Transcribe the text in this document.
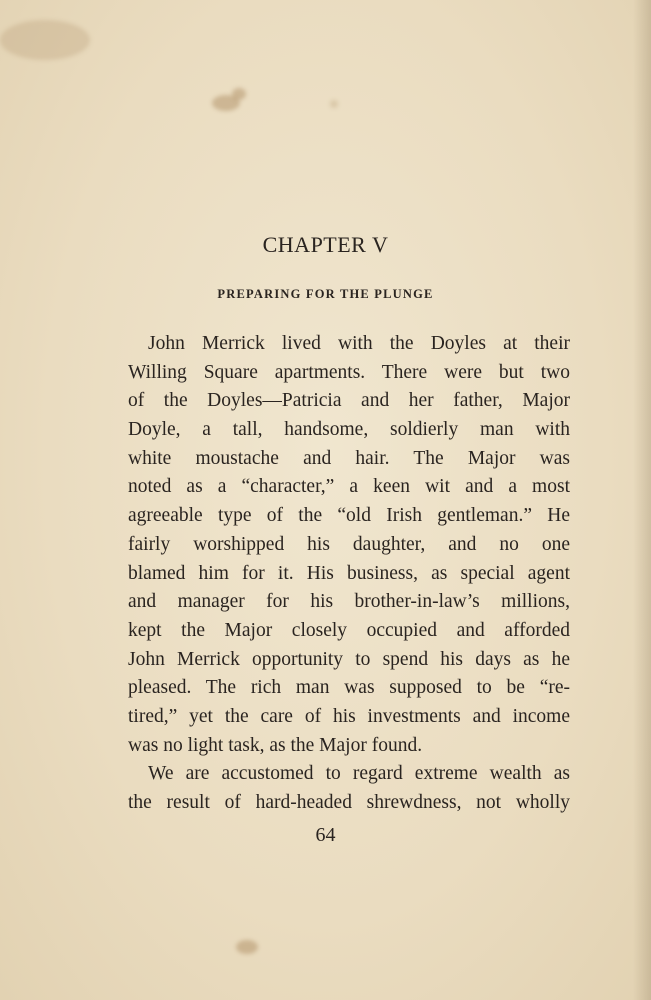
CHAPTER V
PREPARING FOR THE PLUNGE
John Merrick lived with the Doyles at their
Willing Square apartments. There were but two
of the Doyles—Patricia and her father, Major
Doyle, a tall, handsome, soldierly man with
white moustache and hair. The Major was
noted as a “character,” a keen wit and a most
agreeable type of the “old Irish gentleman.” He
fairly worshipped his daughter, and no one
blamed him for it. His business, as special agent
and manager for his brother-in-law’s millions,
kept the Major closely occupied and afforded
John Merrick opportunity to spend his days as he
pleased. The rich man was supposed to be “re-
tired,” yet the care of his investments and income
was no light task, as the Major found.
We are accustomed to regard extreme wealth as
the result of hard-headed shrewdness, not wholly
64
